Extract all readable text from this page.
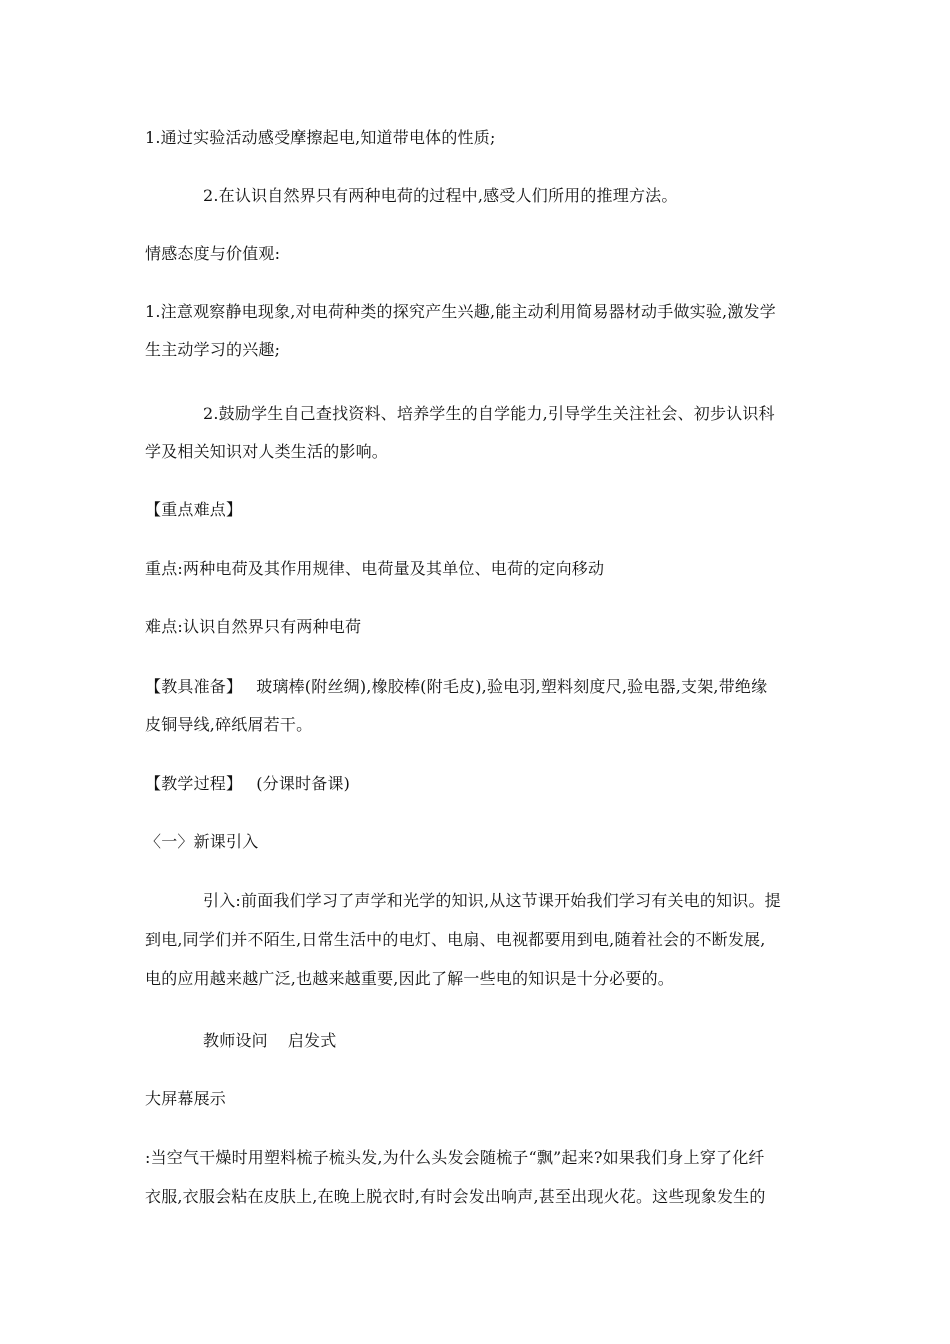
1.通过实验活动感受摩擦起电,知道带电体的性质;
2.在认识自然界只有两种电荷的过程中,感受人们所用的推理方法。
情感态度与价值观:
1.注意观察静电现象,对电荷种类的探究产生兴趣,能主动利用简易器材动手做实验,激发学
生主动学习的兴趣;
2.鼓励学生自己查找资料、培养学生的自学能力,引导学生关注社会、初步认识科
学及相关知识对人类生活的影响。
【重点难点】
重点:两种电荷及其作用规律、电荷量及其单位、电荷的定向移动
难点:认识自然界只有两种电荷
【教具准备】 玻璃棒(附丝绸),橡胶棒(附毛皮),验电羽,塑料刻度尺,验电器,支架,带绝缘
皮铜导线,碎纸屑若干。
【教学过程】 (分课时备课)
〈一〉新课引入
引入:前面我们学习了声学和光学的知识,从这节课开始我们学习有关电的知识。提
到电,同学们并不陌生,日常生活中的电灯、电扇、电视都要用到电,随着社会的不断发展,
电的应用越来越广泛,也越来越重要,因此了解一些电的知识是十分必要的。
教师设问 启发式
大屏幕展示
:当空气干燥时用塑料梳子梳头发,为什么头发会随梳子“飘”起来?如果我们身上穿了化纤
衣服,衣服会粘在皮肤上,在晚上脱衣时,有时会发出响声,甚至出现火花。这些现象发生的
